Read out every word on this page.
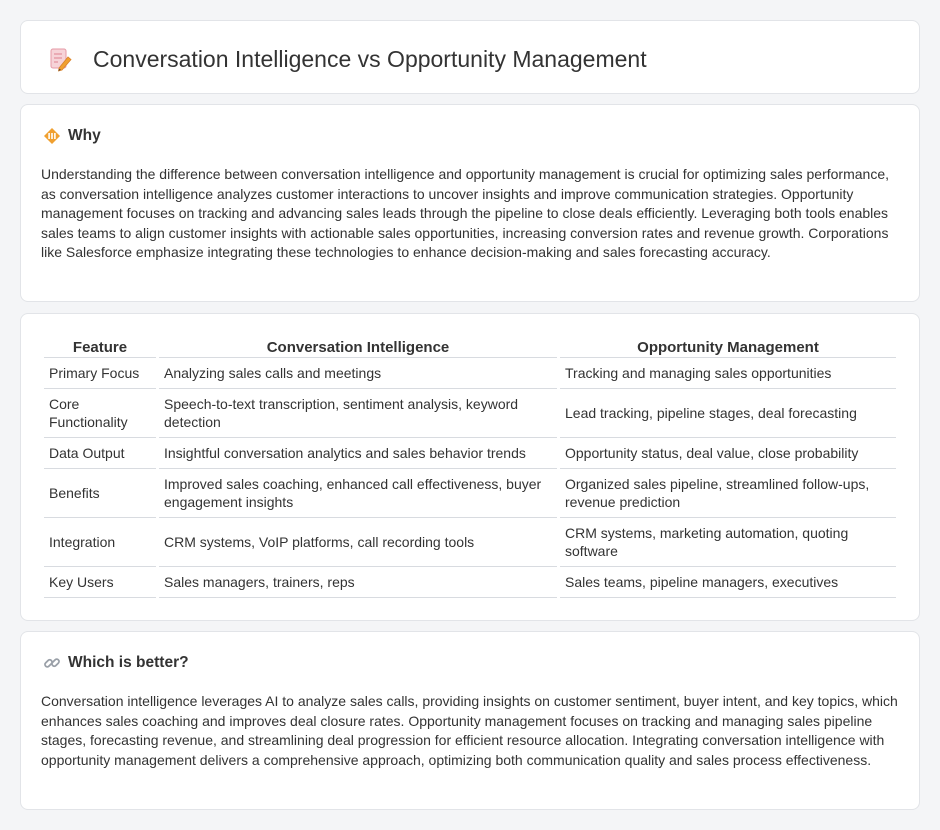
Conversation Intelligence vs Opportunity Management
Why

Understanding the difference between conversation intelligence and opportunity management is crucial for optimizing sales performance, as conversation intelligence analyzes customer interactions to uncover insights and improve communication strategies. Opportunity management focuses on tracking and advancing sales leads through the pipeline to close deals efficiently. Leveraging both tools enables sales teams to align customer insights with actionable sales opportunities, increasing conversion rates and revenue growth. Corporations like Salesforce emphasize integrating these technologies to enhance decision-making and sales forecasting accuracy.

Feature	Conversation Intelligence	Opportunity Management
Primary Focus	Analyzing sales calls and meetings	Tracking and managing sales opportunities
Core Functionality	Speech-to-text transcription, sentiment analysis, keyword detection	Lead tracking, pipeline stages, deal forecasting
Data Output	Insightful conversation analytics and sales behavior trends	Opportunity status, deal value, close probability
Benefits	Improved sales coaching, enhanced call effectiveness, buyer engagement insights	Organized sales pipeline, streamlined follow-ups, revenue prediction
Integration	CRM systems, VoIP platforms, call recording tools	CRM systems, marketing automation, quoting software
Key Users	Sales managers, trainers, reps	Sales teams, pipeline managers, executives
Which is better?

Conversation intelligence leverages AI to analyze sales calls, providing insights on customer sentiment, buyer intent, and key topics, which enhances sales coaching and improves deal closure rates. Opportunity management focuses on tracking and managing sales pipeline stages, forecasting revenue, and streamlining deal progression for efficient resource allocation. Integrating conversation intelligence with opportunity management delivers a comprehensive approach, optimizing both communication quality and sales process effectiveness.
